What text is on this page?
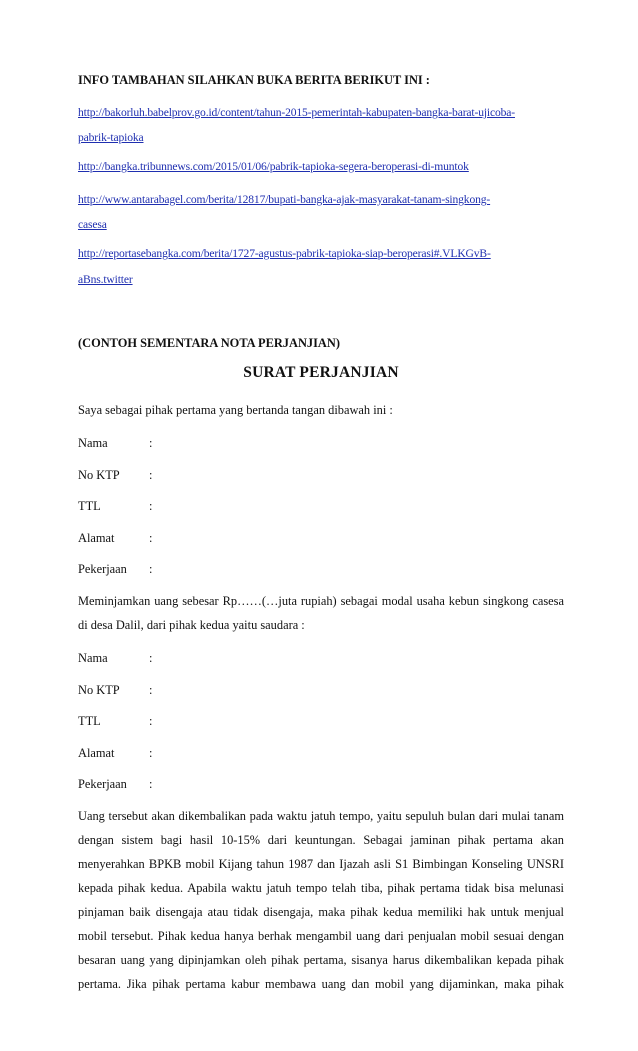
INFO TAMBAHAN SILAHKAN BUKA BERITA BERIKUT INI :
http://bakorluh.babelprov.go.id/content/tahun-2015-pemerintah-kabupaten-bangka-barat-ujicoba-
pabrik-tapioka
http://bangka.tribunnews.com/2015/01/06/pabrik-tapioka-segera-beroperasi-di-muntok
http://www.antarabagel.com/berita/12817/bupati-bangka-ajak-masyarakat-tanam-singkong-
casesa
http://reportasebangka.com/berita/1727-agustus-pabrik-tapioka-siap-beroperasi#.VLKGvB-
aBns.twitter
(CONTOH SEMENTARA NOTA PERJANJIAN)
SURAT PERJANJIAN
Saya sebagai pihak pertama yang bertanda tangan dibawah ini :
Nama	:
No KTP :
TTL	:
Alamat	:
Pekerjaan :
Meminjamkan uang sebesar Rp……(…juta rupiah) sebagai modal usaha kebun singkong casesa
di desa Dalil, dari pihak kedua yaitu saudara :
Nama	:
No KTP :
TTL	:
Alamat	:
Pekerjaan :
Uang tersebut akan dikembalikan pada waktu jatuh tempo, yaitu sepuluh bulan dari mulai tanam
dengan sistem bagi hasil 10-15% dari keuntungan. Sebagai jaminan pihak pertama akan
menyerahkan BPKB mobil Kijang tahun 1987 dan Ijazah asli S1 Bimbingan Konseling UNSRI
kepada pihak kedua. Apabila waktu jatuh tempo telah tiba, pihak pertama tidak bisa melunasi
pinjaman baik disengaja atau tidak disengaja, maka pihak kedua memiliki hak untuk menjual
mobil tersebut. Pihak kedua hanya berhak mengambil uang dari penjualan mobil sesuai dengan
besaran uang yang dipinjamkan oleh pihak pertama, sisanya harus dikembalikan kepada pihak
pertama. Jika pihak pertama kabur membawa uang dan mobil yang dijaminkan, maka pihak
